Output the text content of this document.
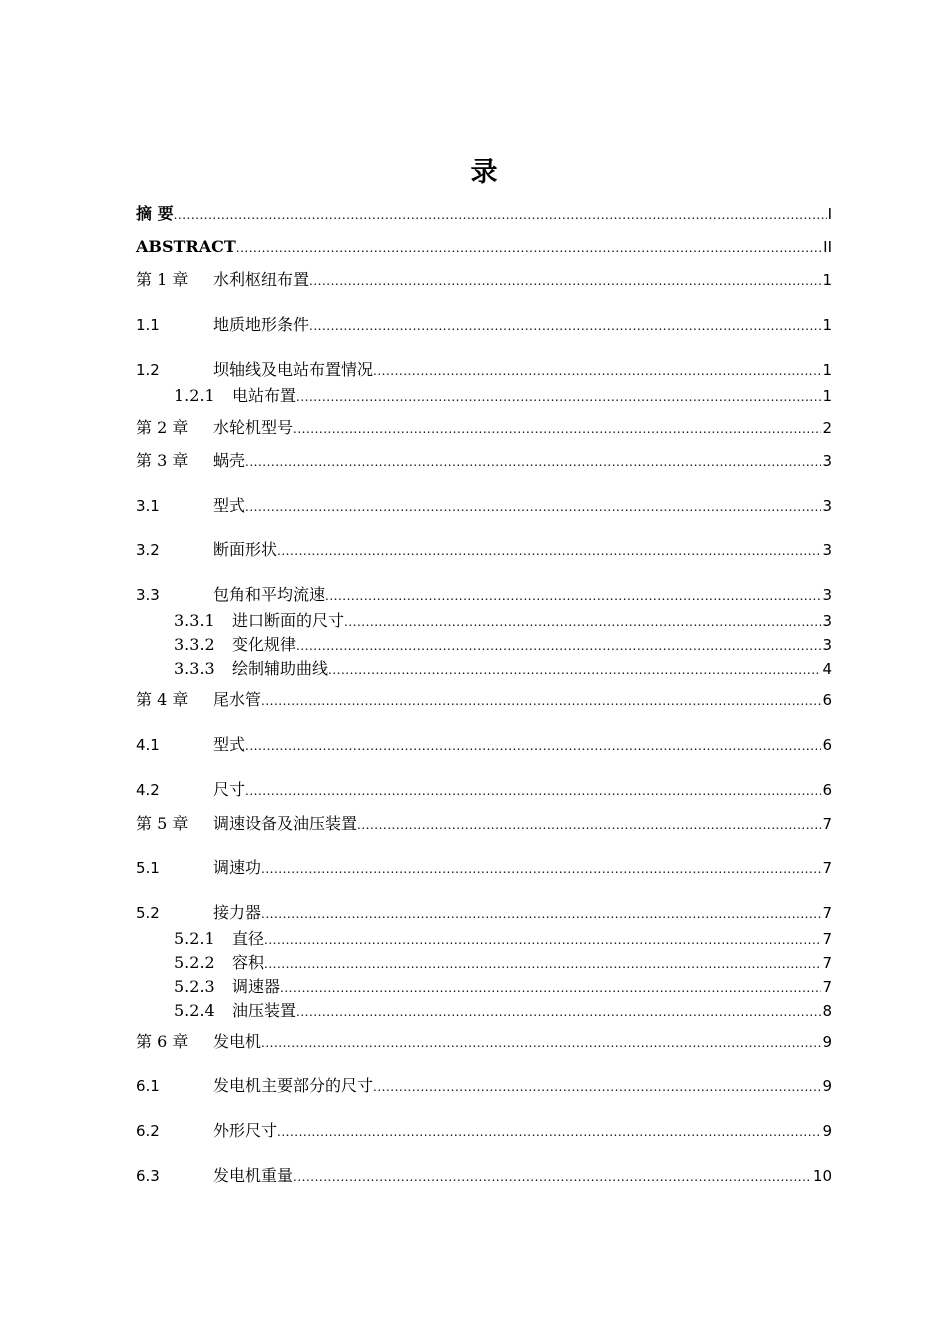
录
摘 要 .....	I
ABSTRACT .....	II
第 1 章	水利枢纽布置 .....	1
1.1	地质地形条件 .....	1
1.2	坝轴线及电站布置情况 .....	1
1.2.1	电站布置 .....	1
第 2 章	水轮机型号 .....	2
第 3 章	蜗壳 .....	3
3.1	型式 .....	3
3.2	断面形状 .....	3
3.3	包角和平均流速 .....	3
3.3.1	进口断面的尺寸 .....	3
3.3.2	变化规律 .....	3
3.3.3	绘制辅助曲线 .....	4
第 4 章	尾水管 .....	6
4.1	型式 .....	6
4.2	尺寸 .....	6
第 5 章	调速设备及油压装置 .....	7
5.1	调速功 .....	7
5.2	接力器 .....	7
5.2.1	直径 .....	7
5.2.2	容积 .....	7
5.2.3	调速器 .....	7
5.2.4	油压装置 .....	8
第 6 章	发电机 .....	9
6.1	发电机主要部分的尺寸 .....	9
6.2	外形尺寸 .....	9
6.3	发电机重量 .....	10
